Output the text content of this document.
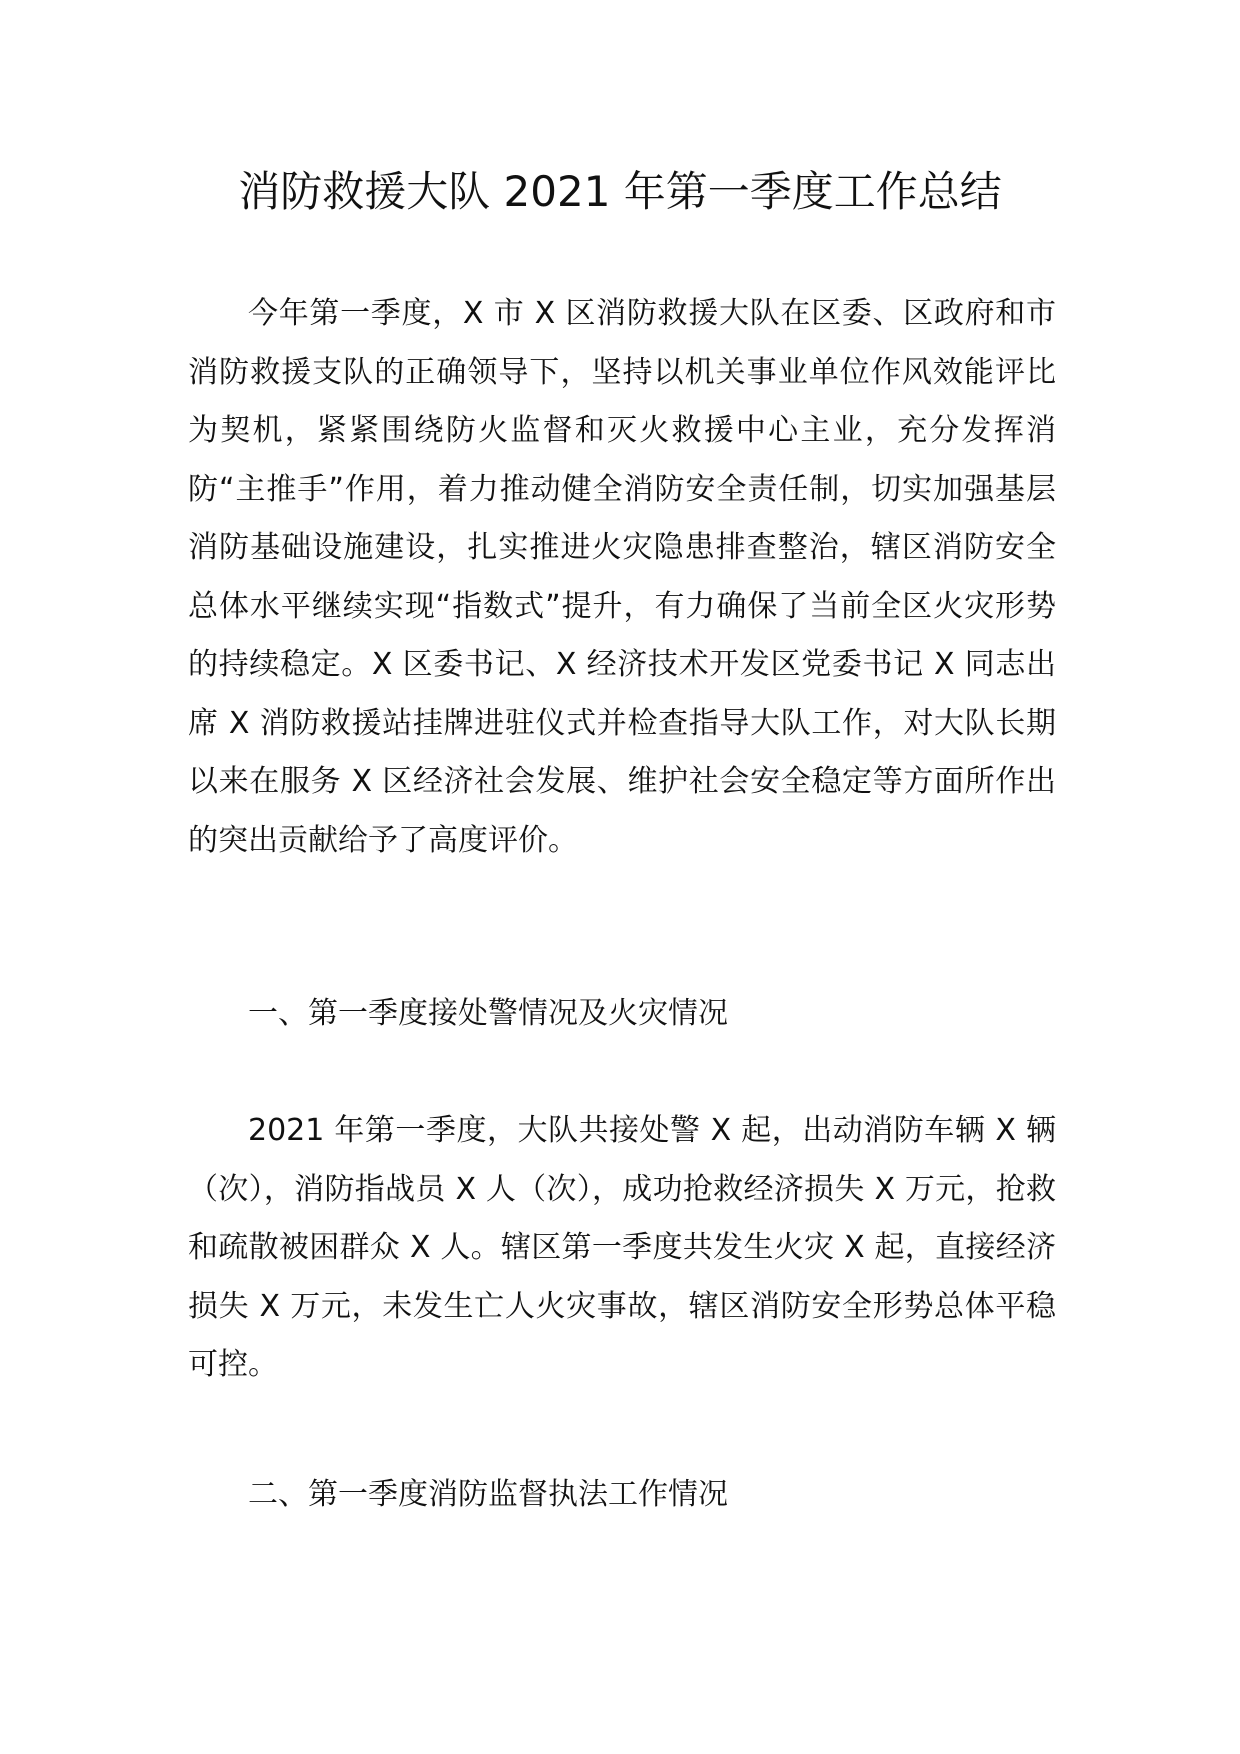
消防救援大队 2021 年第一季度工作总结

今年第一季度，X 市 X 区消防救援大队在区委、区政府和市消防救援支队的正确领导下，坚持以机关事业单位作风效能评比为契机，紧紧围绕防火监督和灭火救援中心主业，充分发挥消防“主推手”作用，着力推动健全消防安全责任制，切实加强基层消防基础设施建设，扎实推进火灾隐患排查整治，辖区消防安全总体水平继续实现“指数式”提升，有力确保了当前全区火灾形势的持续稳定。X 区委书记、X 经济技术开发区党委书记 X 同志出席 X 消防救援站挂牌进驻仪式并检查指导大队工作，对大队长期以来在服务 X 区经济社会发展、维护社会安全稳定等方面所作出的突出贡献给予了高度评价。

一、第一季度接处警情况及火灾情况

2021 年第一季度，大队共接处警 X 起，出动消防车辆 X 辆（次），消防指战员 X 人（次），成功抢救经济损失 X 万元，抢救和疏散被困群众 X 人。辖区第一季度共发生火灾 X 起，直接经济损失 X 万元，未发生亡人火灾事故，辖区消防安全形势总体平稳可控。

二、第一季度消防监督执法工作情况
